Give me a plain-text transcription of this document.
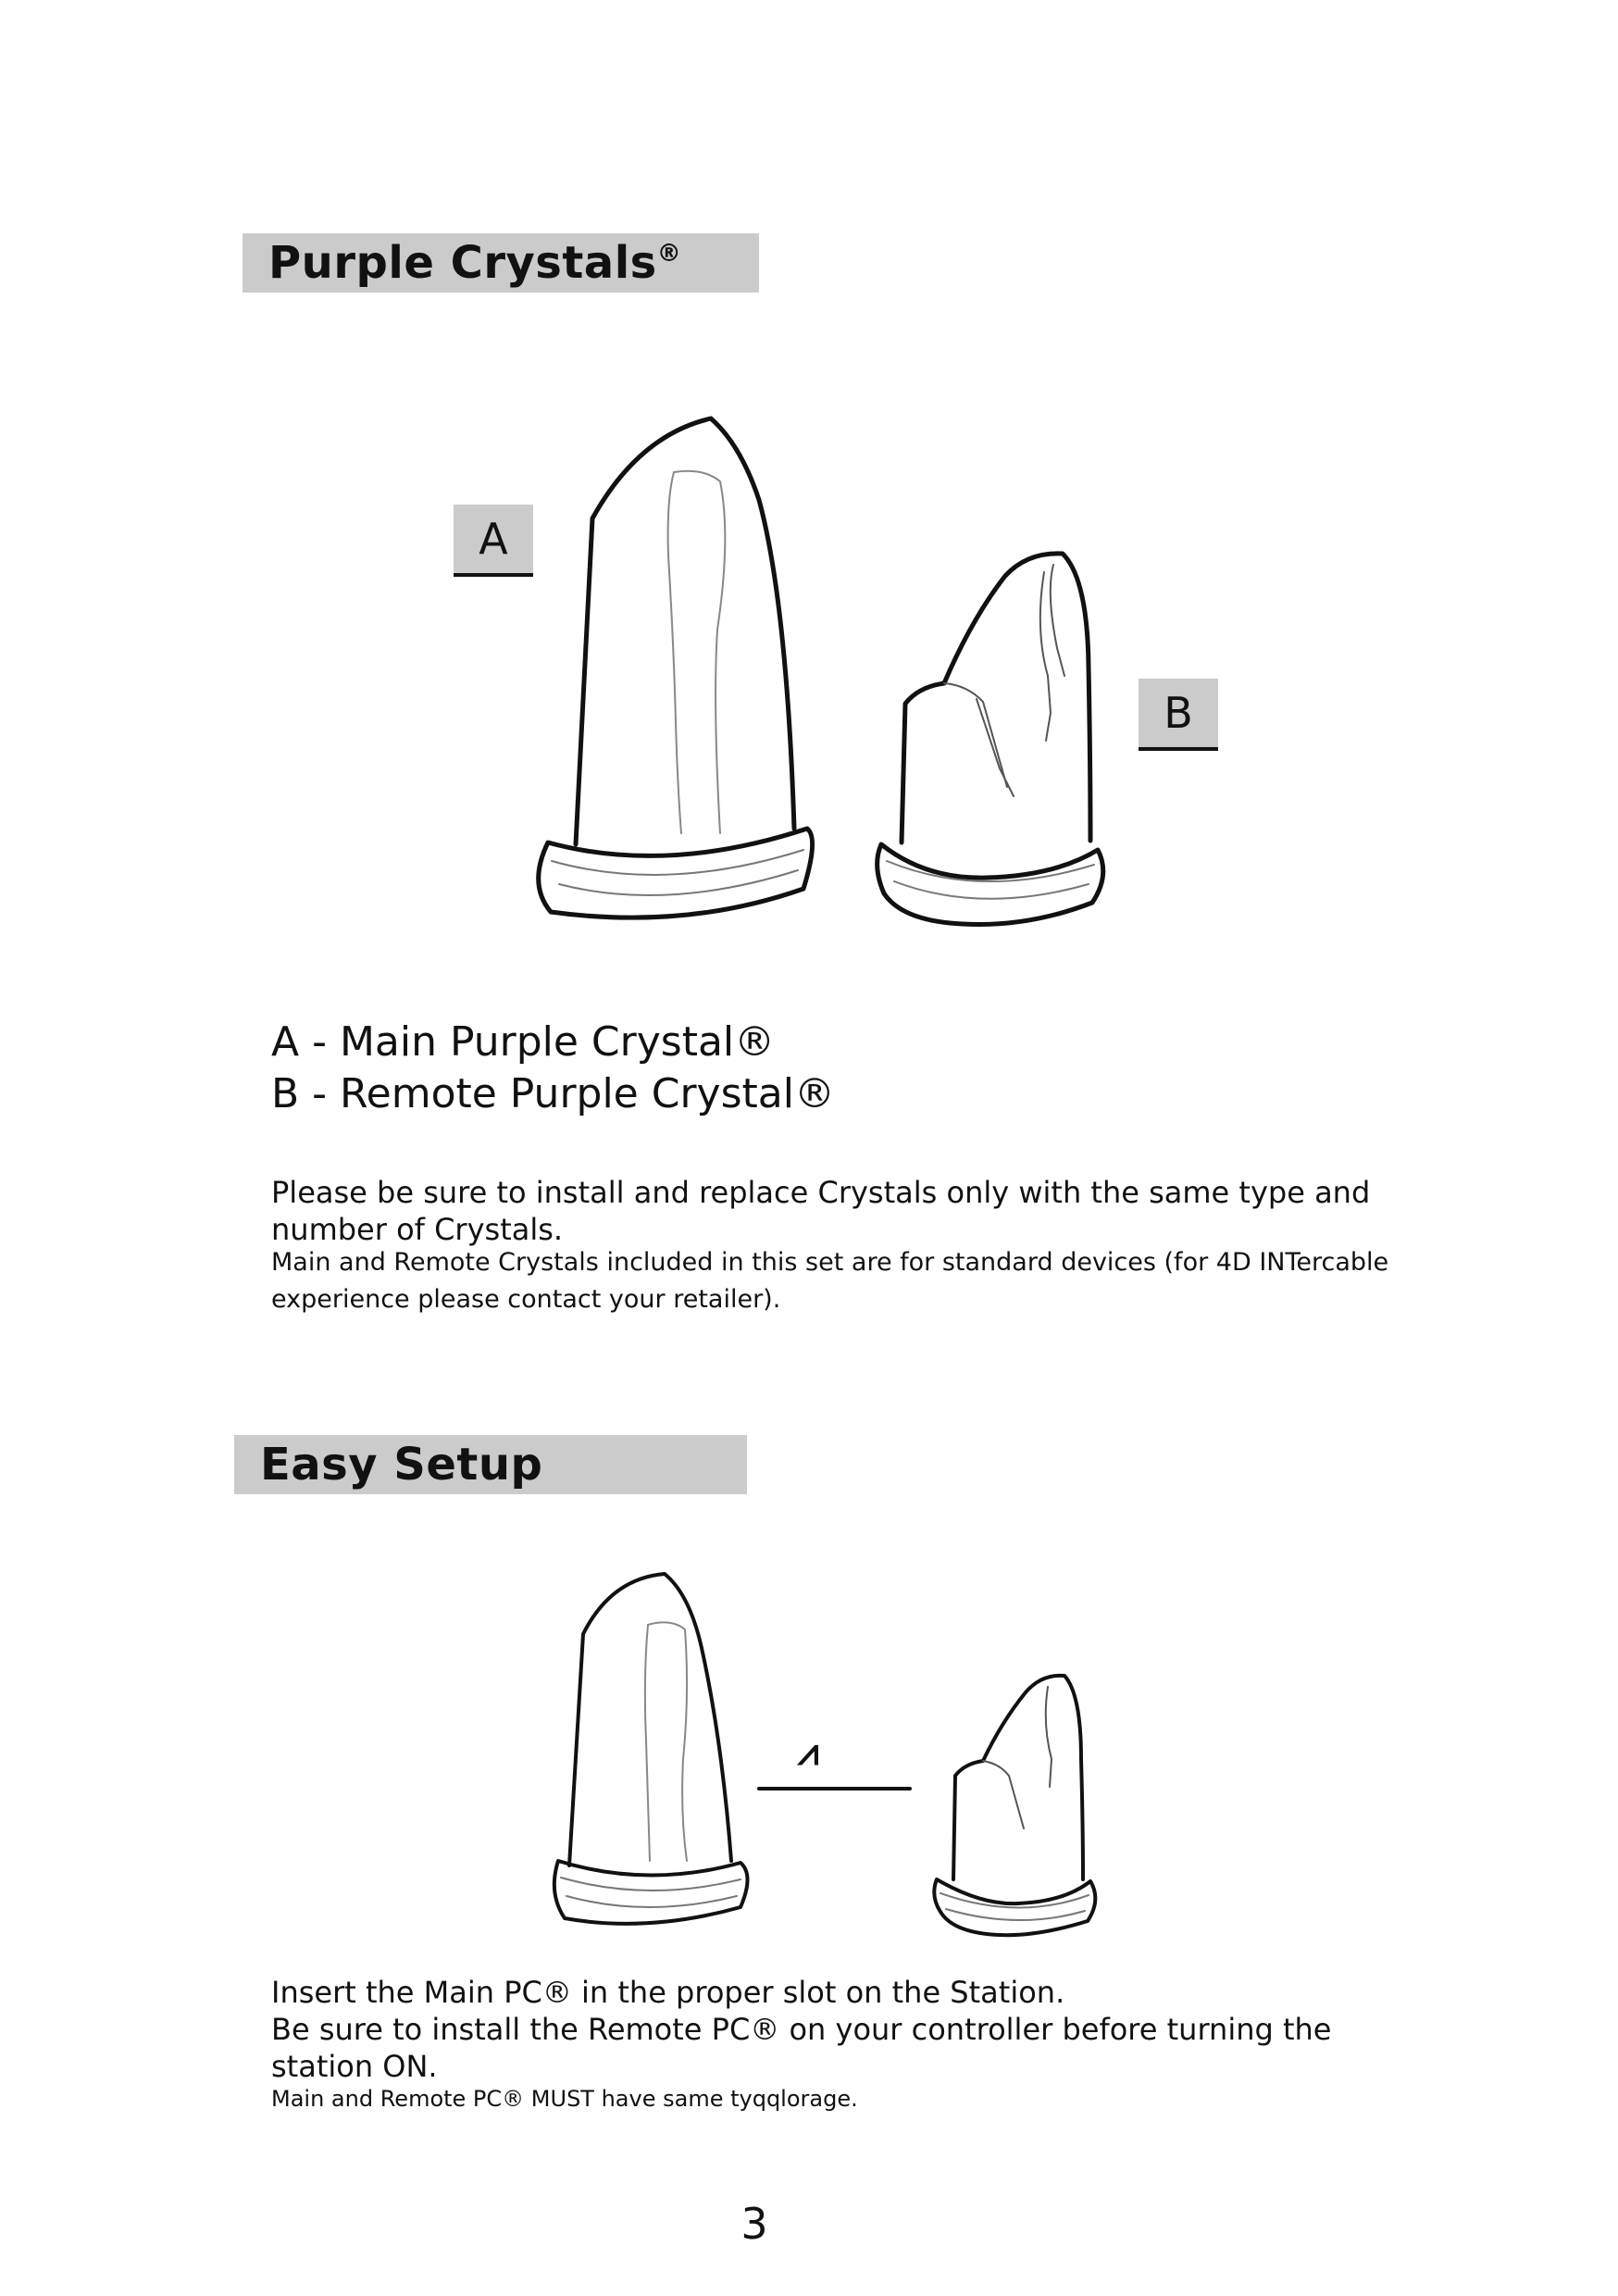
Purple Crystals®
⩘
A
B
A - Main Purple Crystal®
B - Remote Purple Crystal®
Please be sure to install and replace Crystals only with the same type and number of Crystals.
Main and Remote Crystals included in this set are for standard devices (for 4D INTercable experience please contact your retailer).
Easy Setup
Insert the Main PC® in the proper slot on the Station.
Be sure to install the Remote PC® on your controller before turning the station ON.
Main and Remote PC® MUST have same tyqqlorage.
3
